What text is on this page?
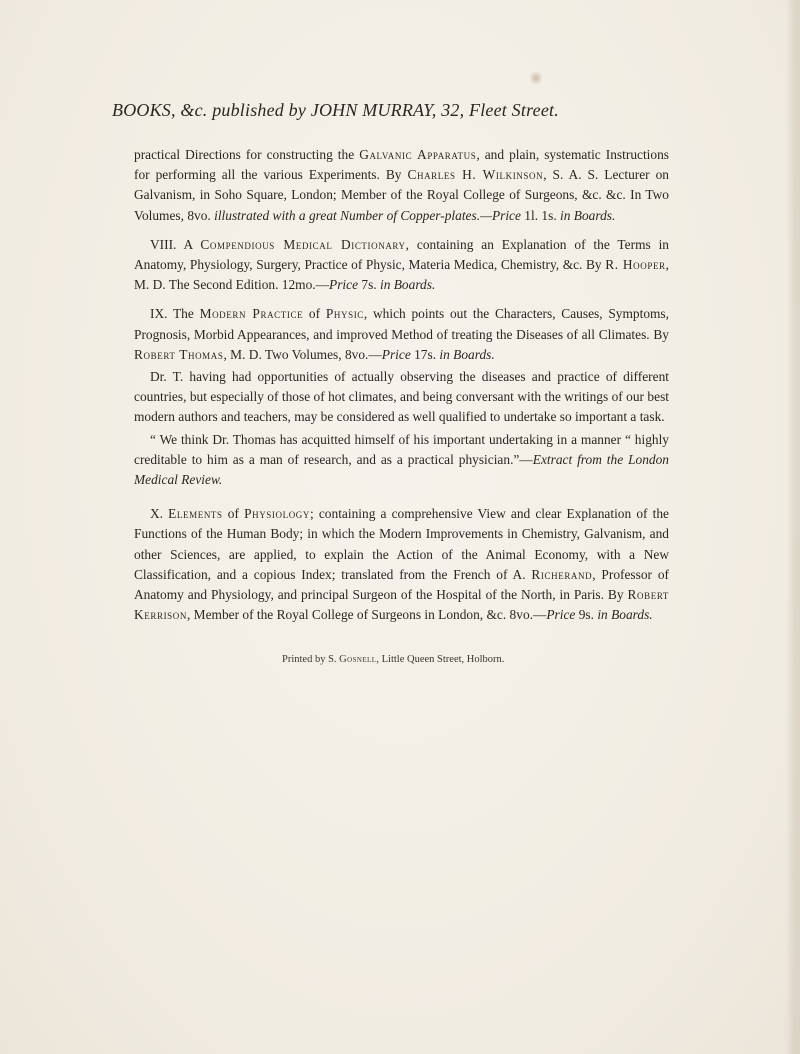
BOOKS, &c. published by JOHN MURRAY, 32, Fleet Street.

practical Directions for constructing the Galvanic Apparatus, and plain, systematic Instructions for performing all the various Experiments. By Charles H. Wilkinson, S. A. S. Lecturer on Galvanism, in Soho Square, London; Member of the Royal College of Surgeons, &c. &c. In Two Volumes, 8vo. illustrated with a great Number of Copper-plates.—Price 1l. 1s. in Boards.

VIII. A Compendious Medical Dictionary, containing an Explanation of the Terms in Anatomy, Physiology, Surgery, Practice of Physic, Materia Medica, Chemistry, &c. By R. Hooper, M. D. The Second Edition. 12mo.—Price 7s. in Boards.

IX. The Modern Practice of Physic, which points out the Characters, Causes, Symptoms, Prognosis, Morbid Appearances, and improved Method of treating the Diseases of all Climates. By Robert Thomas, M. D. Two Volumes, 8vo.—Price 17s. in Boards.

Dr. T. having had opportunities of actually observing the diseases and practice of different countries, but especially of those of hot climates, and being conversant with the writings of our best modern authors and teachers, may be considered as well qualified to undertake so important a task.

“ We think Dr. Thomas has acquitted himself of his important undertaking in a manner “ highly creditable to him as a man of research, and as a practical physician.”—Extract from the London Medical Review.

X. Elements of Physiology; containing a comprehensive View and clear Explanation of the Functions of the Human Body; in which the Modern Improvements in Chemistry, Galvanism, and other Sciences, are applied, to explain the Action of the Animal Economy, with a New Classification, and a copious Index; translated from the French of A. Richerand, Professor of Anatomy and Physiology, and principal Surgeon of the Hospital of the North, in Paris. By Robert Kerrison, Member of the Royal College of Surgeons in London, &c. 8vo.—Price 9s. in Boards.

Printed by S. Gosnell, Little Queen Street, Holborn.
